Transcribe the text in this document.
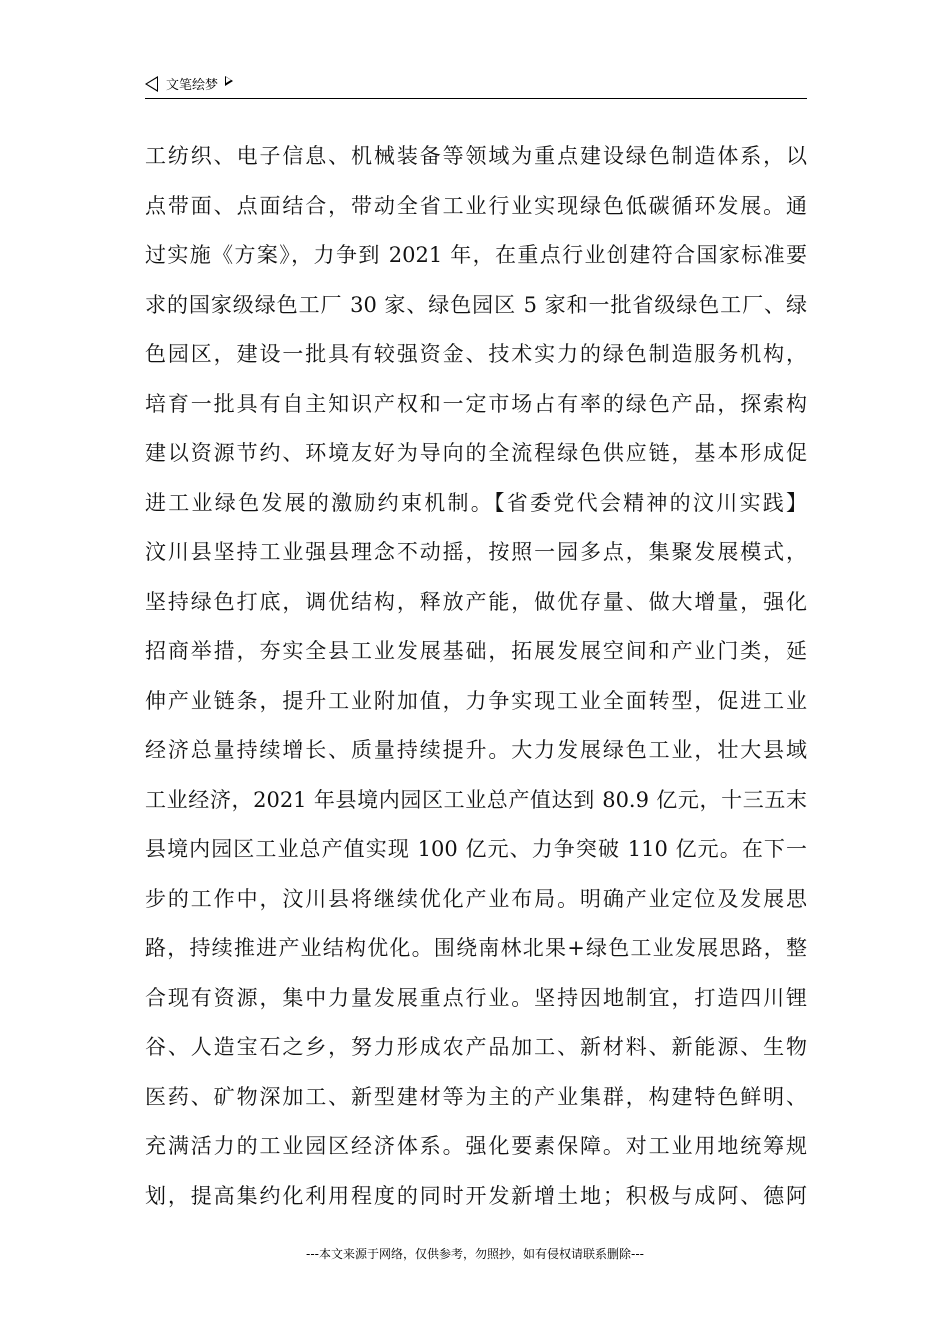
文笔绘梦
工纺织、电子信息、机械装备等领域为重点建设绿色制造体系，以
点带面、点面结合，带动全省工业行业实现绿色低碳循环发展。通
过实施《方案》，力争到 2021 年，在重点行业创建符合国家标准要
求的国家级绿色工厂 30 家、绿色园区 5 家和一批省级绿色工厂、绿
色园区，建设一批具有较强资金、技术实力的绿色制造服务机构，
培育一批具有自主知识产权和一定市场占有率的绿色产品，探索构
建以资源节约、环境友好为导向的全流程绿色供应链，基本形成促
进工业绿色发展的激励约束机制。【省委党代会精神的汶川实践】
汶川县坚持工业强县理念不动摇，按照一园多点，集聚发展模式，
坚持绿色打底，调优结构，释放产能，做优存量、做大增量，强化
招商举措，夯实全县工业发展基础，拓展发展空间和产业门类，延
伸产业链条，提升工业附加值，力争实现工业全面转型，促进工业
经济总量持续增长、质量持续提升。大力发展绿色工业，壮大县域
工业经济，2021 年县境内园区工业总产值达到 80.9 亿元，十三五末
县境内园区工业总产值实现 100 亿元、力争突破 110 亿元。在下一
步的工作中，汶川县将继续优化产业布局。明确产业定位及发展思
路，持续推进产业结构优化。围绕南林北果+绿色工业发展思路，整
合现有资源，集中力量发展重点行业。坚持因地制宜，打造四川锂
谷、人造宝石之乡，努力形成农产品加工、新材料、新能源、生物
医药、矿物深加工、新型建材等为主的产业集群，构建特色鲜明、
充满活力的工业园区经济体系。强化要素保障。对工业用地统筹规
划，提高集约化利用程度的同时开发新增土地；积极与成阿、德阿
---本文来源于网络，仅供参考，勿照抄，如有侵权请联系删除---
